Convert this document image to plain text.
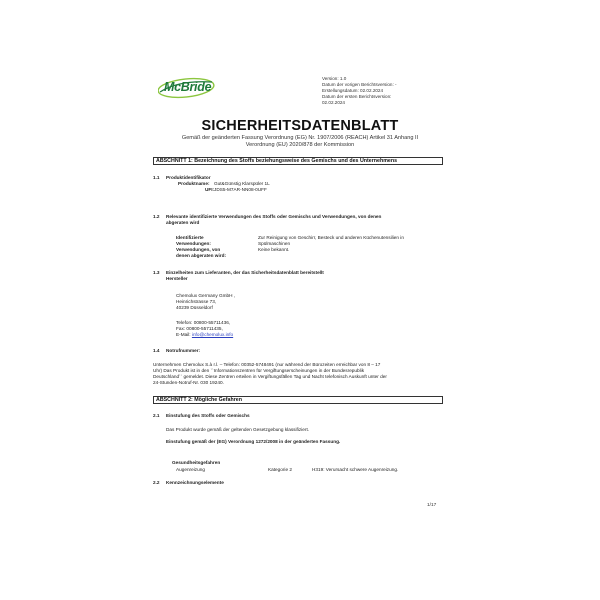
McBride
Version: 1.0
Datum der vorigen Berichtsversion: -
Erstellungsdatum: 02.02.2024
Datum der ersten Berichtsversion:
02.02.2024
SICHERHEITSDATENBLATT
Gemäß der geänderten Fassung Verordnung (EG) Nr. 1907/2006 (REACH) Artikel 31 Anhang II
Verordnung (EU) 2020/878 der Kommission
ABSCHNITT 1: Bezeichnung des Stoffs beziehungsweise des Gemischs und des Unternehmens
1.1 Produktidentifikator
Produktname: Gut&Günstig Klarspüler 1L
UFI: JDS5-M7AR-NN08-0UFF
1.2 Relevante identifizierte Verwendungen des Stoffs oder Gemischs und Verwendungen, von denen
abgeraten wird
Identifizierte
Verwendungen:
Zur Reinigung von Geschirr, Besteck und anderen Küchenutensilien in
Spülmaschinen
Verwendungen, von
denen abgeraten wird:
Keine bekannt.
1.3 Einzelheiten zum Lieferanten, der das Sicherheitsdatenblatt bereitstellt
Hersteller
Chemolux Germany GmbH ,
Heinrichstrasse 73,
40239 Düsseldorf
Telefon: 00800-55711436,
Fax: 00800-55711435,
E-Mail: info@chemolux.info
1.4 Notrufnummer:
Unternehmen Chemolux S.à r.l. – Telefon: 00352-5748491 (nur während der Bürozeiten erreichbar von 8 – 17
Uhr) Das Produkt ist in den ``Informationszentren für Vergiftungserscheinungen in der Bundesrepublik
Deutschland`` gemeldet. Diese Zentren erteilen in Vergiftungsfällen Tag und Nacht telefonisch Auskunft unter der
24-Stunden-Notruf-Nr. 030 19240.
ABSCHNITT 2: Mögliche Gefahren
2.1 Einstufung des Stoffs oder Gemischs
Das Produkt wurde gemäß der geltenden Gesetzgebung klassifiziert.
Einstufung gemäß der (EG) Verordnung 1272/2008 in der geänderten Fassung.
Gesundheitsgefahren
Augenreizung	Kategorie 2	H319: Verursacht schwere Augenreizung.
2.2 Kennzeichnungselemente
1/17
